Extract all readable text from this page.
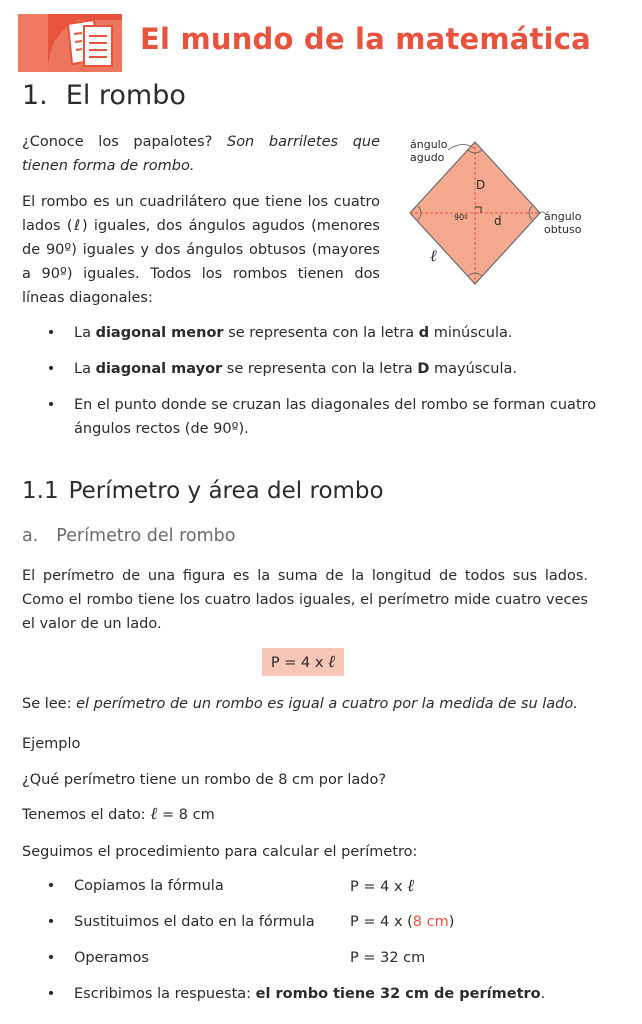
El mundo de la matemática
1. El rombo
¿Conoce los papalotes? Son barriletes que tienen forma de rombo.
El rombo es un cuadrilátero que tiene los cuatro lados (ℓ) iguales, dos ángulos agudos (menores de 90º) iguales y dos ángulos obtusos (mayores a 90º) iguales. Todos los rombos tienen dos líneas diagonales:
ángulo
agudo
ángulo
obtuso
D
d
90º
ℓ
• La diagonal menor se representa con la letra d minúscula.
• La diagonal mayor se representa con la letra D mayúscula.
• En el punto donde se cruzan las diagonales del rombo se forman cuatro ángulos rectos (de 90º).
1.1 Perímetro y área del rombo
a. Perímetro del rombo
El perímetro de una figura es la suma de la longitud de todos sus lados. Como el rombo tiene los cuatro lados iguales, el perímetro mide cuatro veces el valor de un lado.
P = 4 x ℓ
Se lee: el perímetro de un rombo es igual a cuatro por la medida de su lado.
Ejemplo
¿Qué perímetro tiene un rombo de 8 cm por lado?
Tenemos el dato: ℓ = 8 cm
Seguimos el procedimiento para calcular el perímetro:
• Copiamos la fórmula	P = 4 x ℓ
• Sustituimos el dato en la fórmula P = 4 x (8 cm)
• Operamos	P = 32 cm
• Escribimos la respuesta: el rombo tiene 32 cm de perímetro.
